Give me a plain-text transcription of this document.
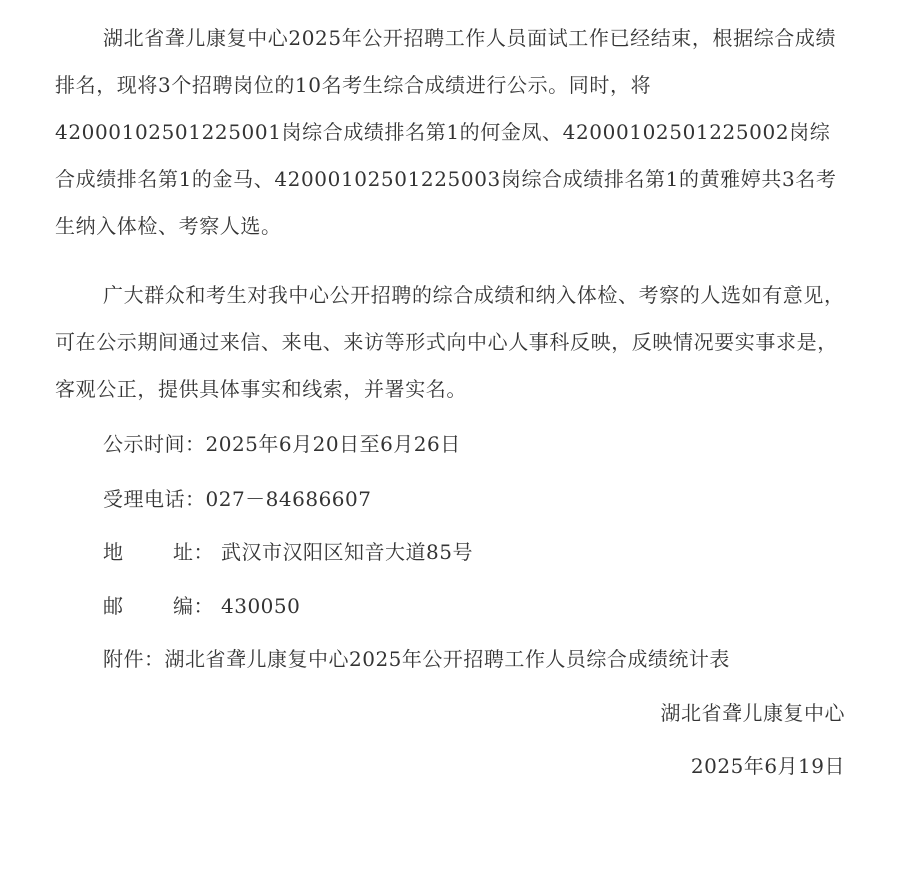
湖北省聋儿康复中心2025年公开招聘工作人员面试工作已经结束，根据综合成绩排名，现将3个招聘岗位的10名考生综合成绩进行公示。同时，将42000102501225001岗综合成绩排名第1的何金凤、42000102501225002岗综合成绩排名第1的金马、42000102501225003岗综合成绩排名第1的黄雅婷共3名考生纳入体检、考察人选。

广大群众和考生对我中心公开招聘的综合成绩和纳入体检、考察的人选如有意见，可在公示期间通过来信、来电、来访等形式向中心人事科反映，反映情况要实事求是，客观公正，提供具体事实和线索，并署实名。

公示时间：2025年6月20日至6月26日

受理电话：027－84686607

地 址： 武汉市汉阳区知音大道85号

邮 编： 430050

附件：湖北省聋儿康复中心2025年公开招聘工作人员综合成绩统计表

湖北省聋儿康复中心

2025年6月19日
